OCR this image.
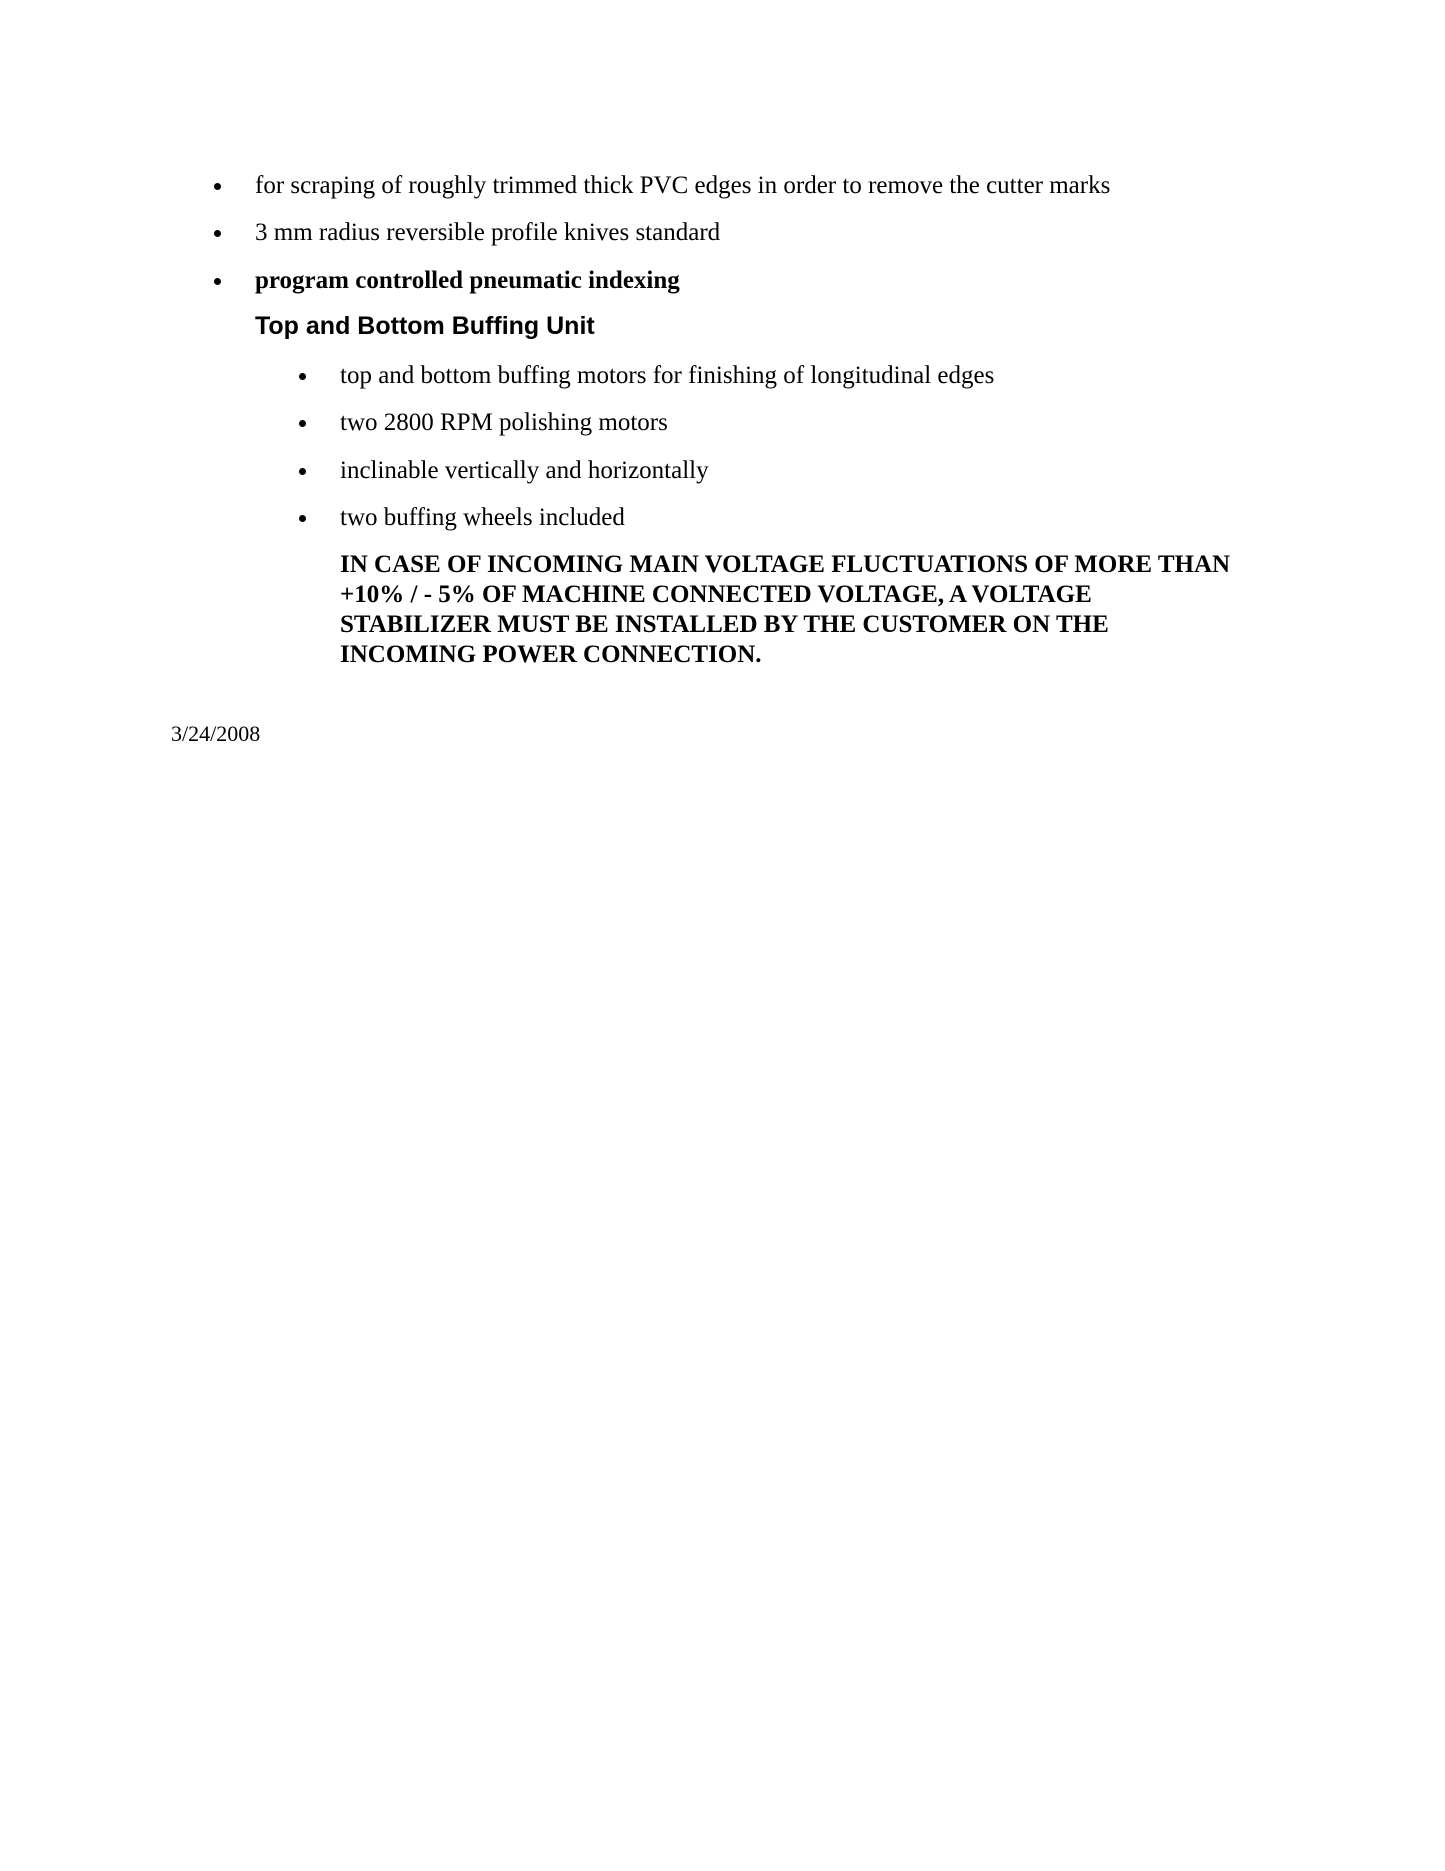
for scraping of roughly trimmed thick PVC edges in order to remove the cutter marks
3 mm radius reversible profile knives standard
program controlled pneumatic indexing
Top and Bottom Buffing Unit
top and bottom buffing motors for finishing of longitudinal edges
two 2800 RPM polishing motors
inclinable vertically and horizontally
two buffing wheels included
IN CASE OF INCOMING MAIN VOLTAGE FLUCTUATIONS OF MORE THAN
+10% / - 5% OF MACHINE CONNECTED VOLTAGE, A VOLTAGE
STABILIZER MUST BE INSTALLED BY THE CUSTOMER ON THE
INCOMING POWER CONNECTION.
3/24/2008
